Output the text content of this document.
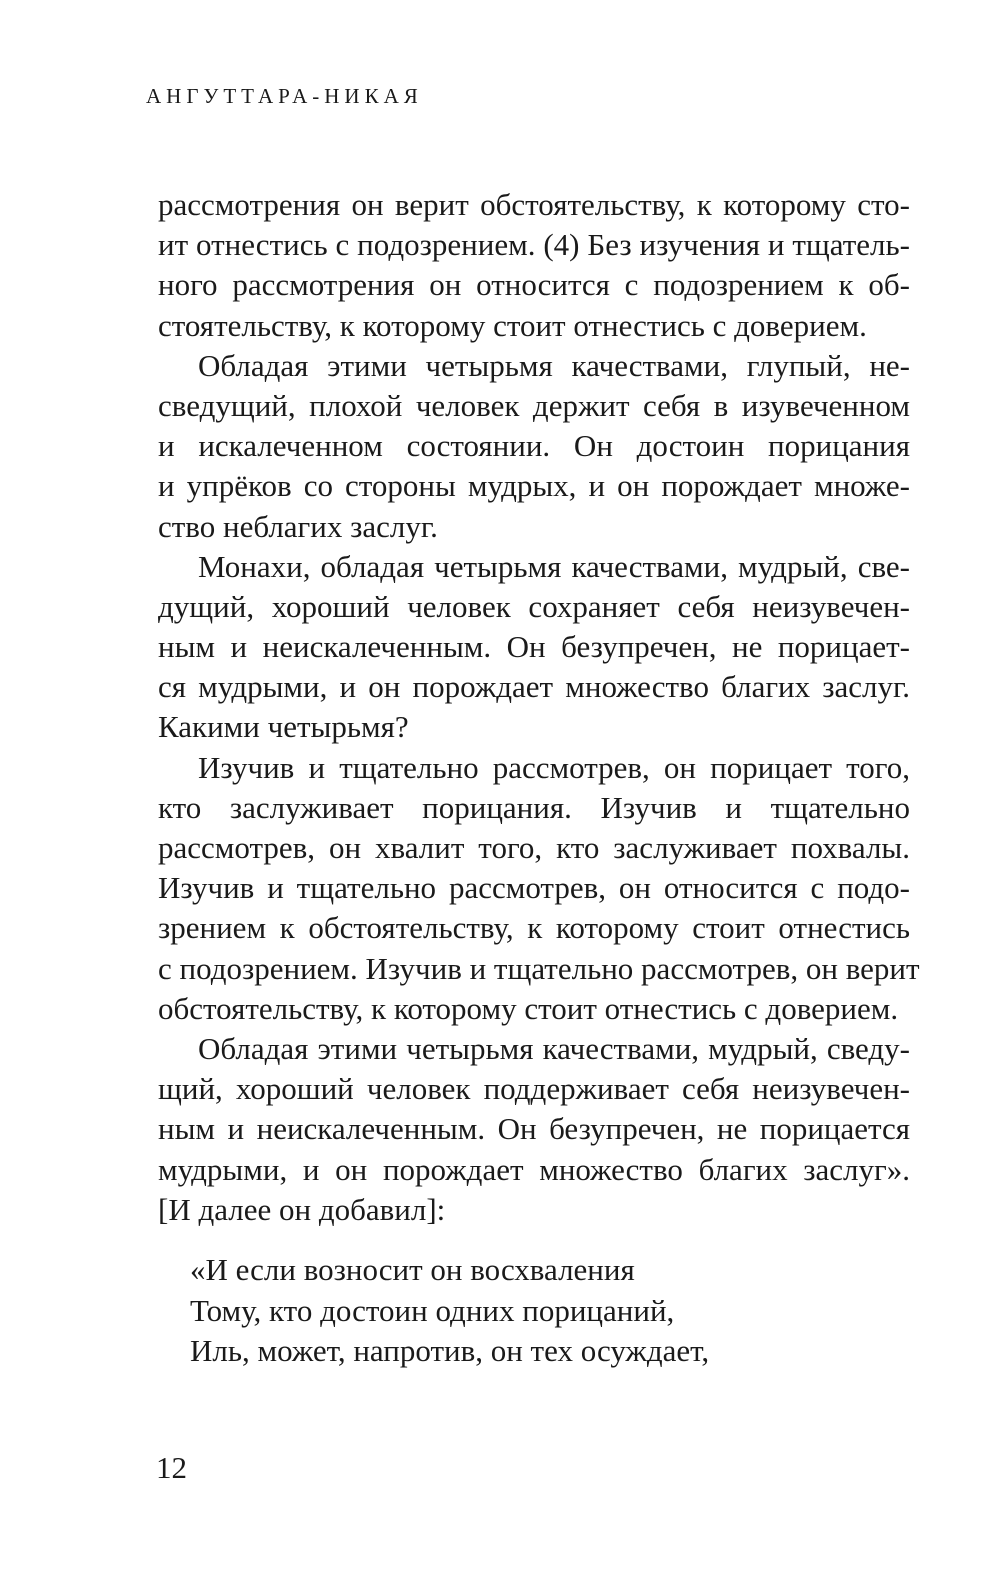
АНГУТТАРА-НИКАЯ
рассмотрения он верит обстоятельству, к которому сто-
ит отнестись с подозрением. (4) Без изучения и тщатель-
ного рассмотрения он относится с подозрением к об-
стоятельству, к которому стоит отнестись с доверием.
Обладая этими четырьмя качествами, глупый, не-
сведущий, плохой человек держит себя в изувеченном
и искалеченном состоянии. Он достоин порицания
и упрёков со стороны мудрых, и он порождает множе-
ство неблагих заслуг.
Монахи, обладая четырьмя качествами, мудрый, све-
дущий, хороший человек сохраняет себя неизувечен-
ным и неискалеченным. Он безупречен, не порицает-
ся мудрыми, и он порождает множество благих заслуг.
Какими четырьмя?
Изучив и тщательно рассмотрев, он порицает того,
кто заслуживает порицания. Изучив и тщательно
рассмотрев, он хвалит того, кто заслуживает похвалы.
Изучив и тщательно рассмотрев, он относится с подо-
зрением к обстоятельству, к которому стоит отнестись
с подозрением. Изучив и тщательно рассмотрев, он верит
обстоятельству, к которому стоит отнестись с доверием.
Обладая этими четырьмя качествами, мудрый, сведу-
щий, хороший человек поддерживает себя неизувечен-
ным и неискалеченным. Он безупречен, не порицается
мудрыми, и он порождает множество благих заслуг».
[И далее он добавил]:
«И если возносит он восхваления
Тому, кто достоин одних порицаний,
Иль, может, напротив, он тех осуждает,
12
